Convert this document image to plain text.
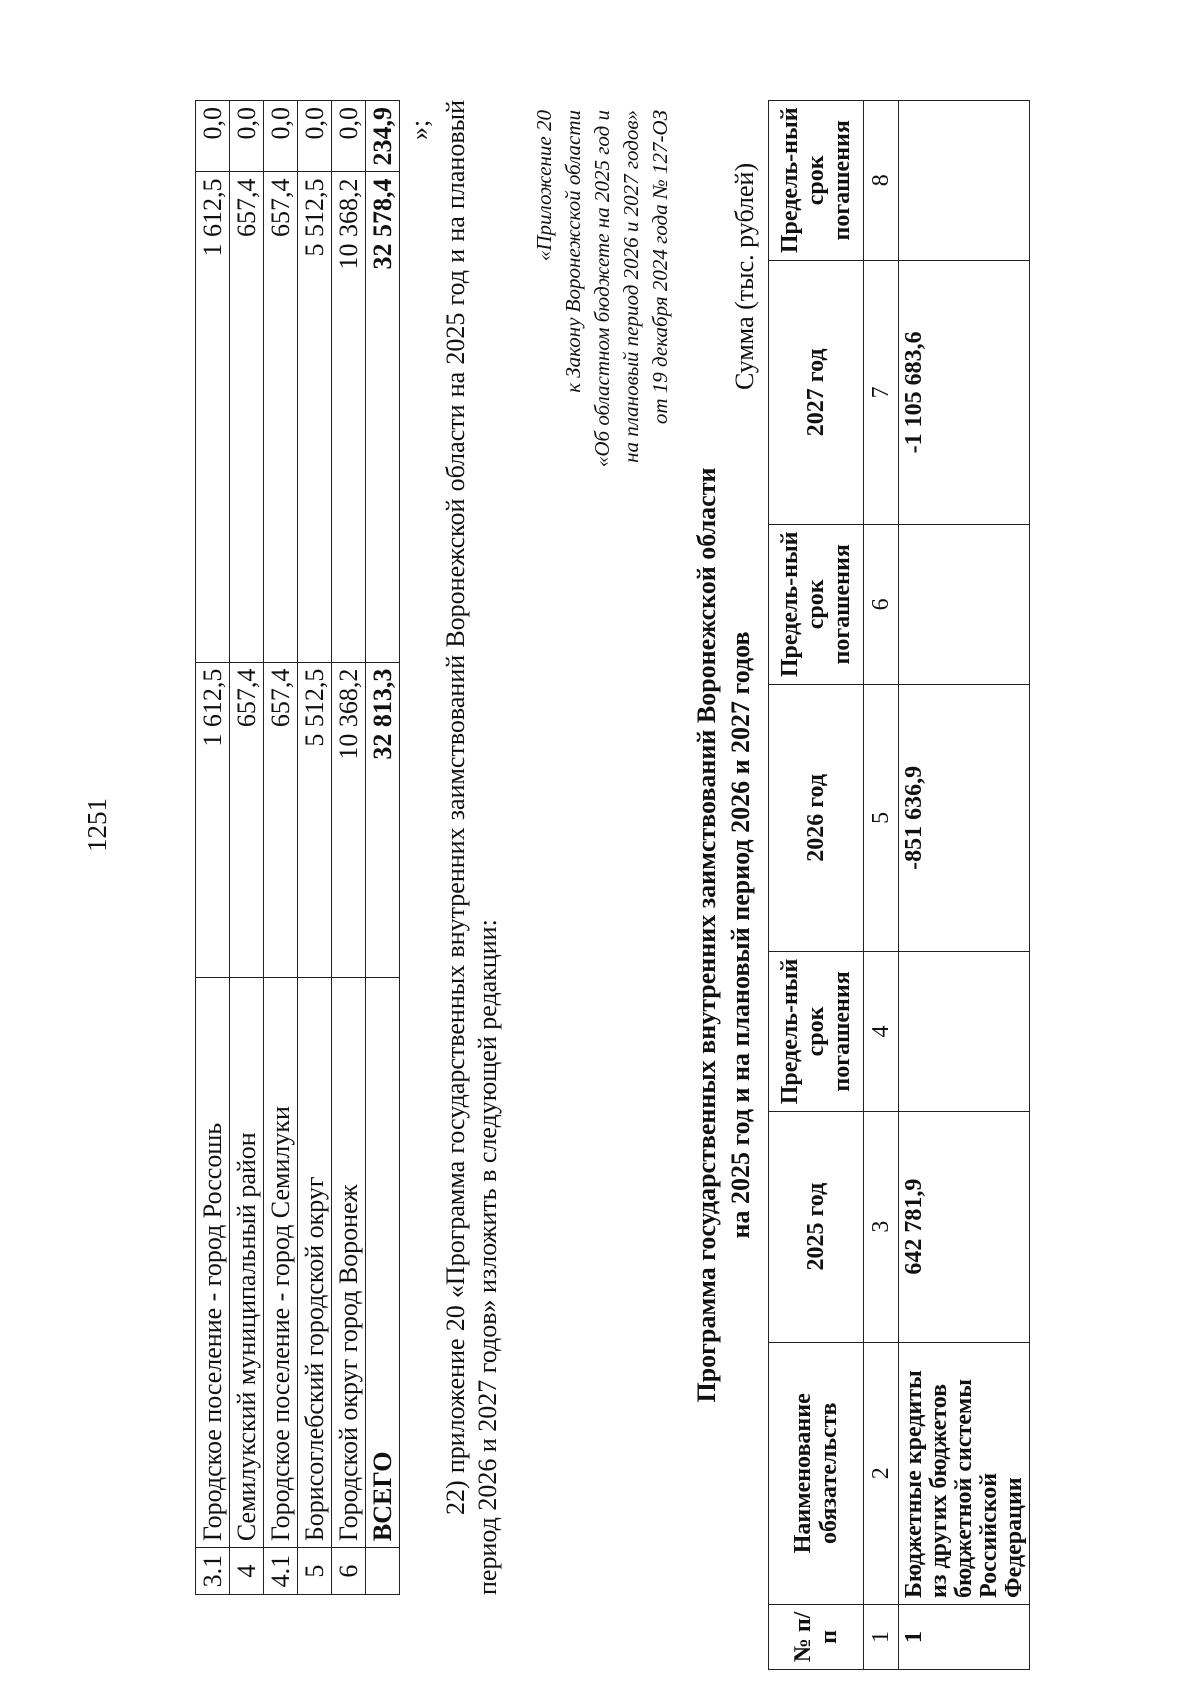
1251
3.1	Городское поселение - город Россошь	1 612,5	1 612,5	0,0
4	Семилукский муниципальный район	657,4	657,4	0,0
4.1	Городское поселение - город Семилуки	657,4	657,4	0,0
5	Борисоглебский городской округ	5 512,5	5 512,5	0,0
6	Городской округ город Воронеж	10 368,2	10 368,2	0,0
	ВСЕГО	32 813,3	32 578,4	234,9 »; 22) приложение 20 «Программа государственных внутренних заимствований Воронежской области на 2025 год и на плановый период 2026 и 2027 годов» изложить в следующей редакции:

«Приложение 20 к Закону Воронежской области «Об областном бюджете на 2025 год и на плановый период 2026 и 2027 годов» от 19 декабря 2024 года № 127-ОЗ
Программа государственных внутренних заимствований Воронежской области на 2025 год и на плановый период 2026 и 2027 годов
Сумма (тыс. рублей)
№ п/п	Наименование обязательств	2025 год	Предель-ный срок погашения	2026 год	Предель-ный срок погашения	2027 год	Предель-ный срок погашения
1	2	3	4	5	6	7	8
1	Бюджетные кредиты из других бюджетов бюджетной системы Российской Федерации	642 781,9		-851 636,9		-1 105 683,6	
